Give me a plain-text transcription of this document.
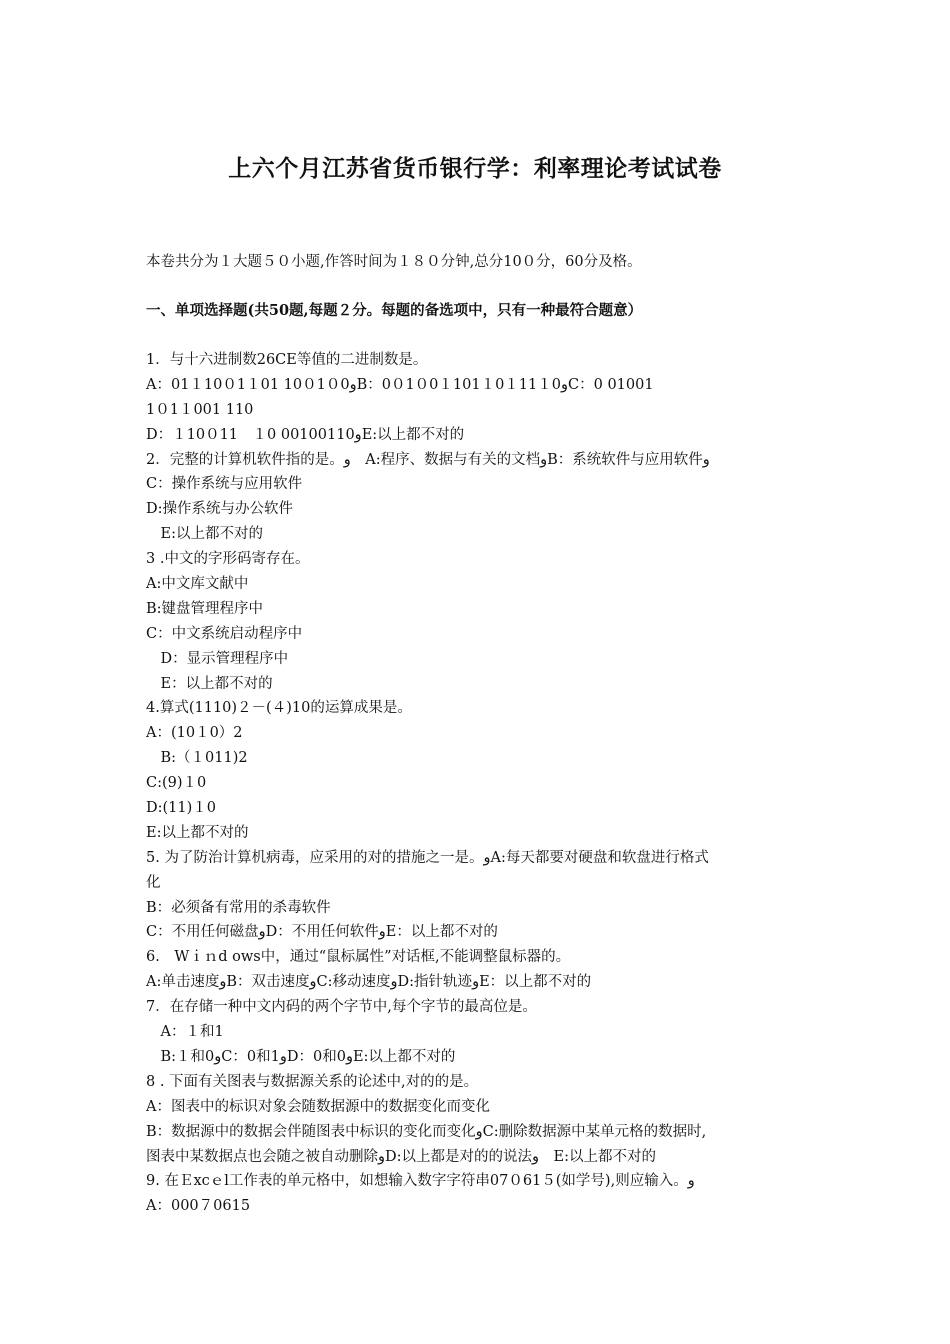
上六个月江苏省货币银行学：利率理论考试试卷
本卷共分为１大题５０小题,作答时间为１８０分钟,总分10０分，60分及格。
一、单项选择题(共50题,每题２分。每题的备选项中，只有一种最符合题意）
1．与十六进制数26CE等值的二进制数是。
A：01１10０1１01 10０1０0وB：0０1０0１101１0１11１0وC：0 01001
1０1１001 110
D：１10０11　１0 00100110وE:以上都不对的
2．完整的计算机软件指的是。و　A:程序、数据与有关的文档وB：系统软件与应用软件و
C：操作系统与应用软件
D:操作系统与办公软件
　E:以上都不对的
3 .中文的字形码寄存在。
A:中文库文献中
B:键盘管理程序中
C：中文系统启动程序中
　D：显示管理程序中
　E：以上都不对的
4.算式(1110)２－(４)10的运算成果是。
A：(10１0）2
　B:（１011)2
C:(9)１0
D:(11)１0
E:以上都不对的
5. 为了防治计算机病毒，应采用的对的措施之一是。وA:每天都要对硬盘和软盘进行格式
化
B：必须备有常用的杀毒软件
C：不用任何磁盘وD：不用任何软件وE：以上都不对的
6.　Wｉｎd ows中，通过“鼠标属性”对话框,不能调整鼠标器的。
A:单击速度وB：双击速度وC:移动速度وD:指针轨迹وE：以上都不对的
7．在存储一种中文内码的两个字节中,每个字节的最高位是。
　A：１和1
　B:１和0وC：0和1وD：0和0وE:以上都不对的
8 . 下面有关图表与数据源关系的论述中,对的的是。
A：图表中的标识对象会随数据源中的数据变化而变化
B：数据源中的数据会伴随图表中标识的变化而变化وC:删除数据源中某单元格的数据时,
图表中某数据点也会随之被自动删除وD:以上都是对的的说法و　E:以上都不对的
9. 在Ｅxcｅl工作表的单元格中，如想输入数字字符串07０61５(如学号),则应输入。و
A：000７0615
